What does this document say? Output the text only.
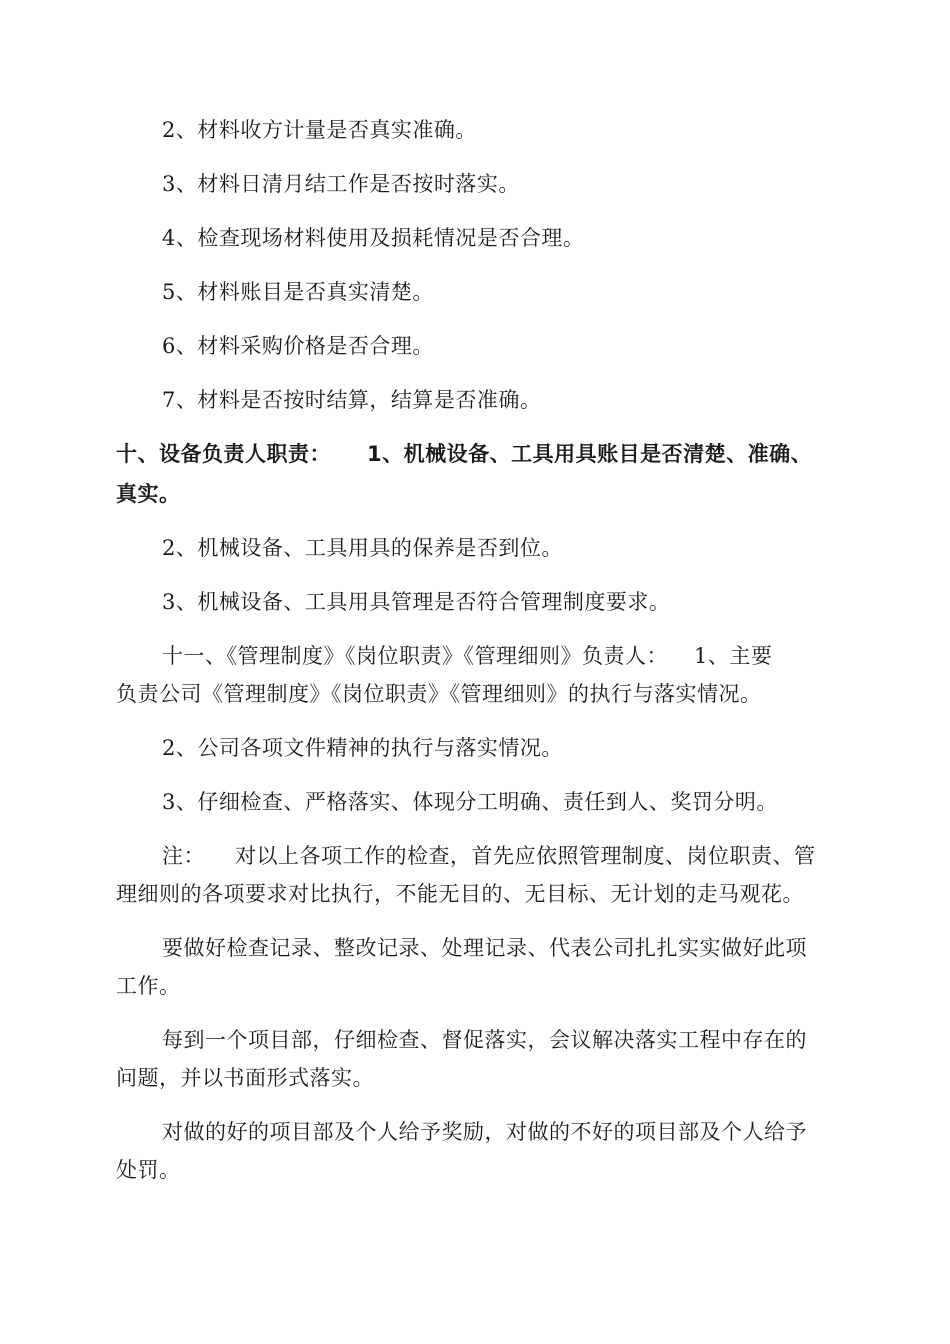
2、材料收方计量是否真实准确。
3、材料日清月结工作是否按时落实。
4、检查现场材料使用及损耗情况是否合理。
5、材料账目是否真实清楚。
6、材料采购价格是否合理。
7、材料是否按时结算，结算是否准确。
十、设备负责人职责： 1、机械设备、工具用具账目是否清楚、准确、
真实。
2、机械设备、工具用具的保养是否到位。
3、机械设备、工具用具管理是否符合管理制度要求。
十一、《管理制度》《岗位职责》《管理细则》负责人： 1、主要
负责公司《管理制度》《岗位职责》《管理细则》的执行与落实情况。
2、公司各项文件精神的执行与落实情况。
3、仔细检查、严格落实、体现分工明确、责任到人、奖罚分明。
注： 对以上各项工作的检查，首先应依照管理制度、岗位职责、管
理细则的各项要求对比执行，不能无目的、无目标、无计划的走马观花。
要做好检查记录、整改记录、处理记录、代表公司扎扎实实做好此项
工作。
每到一个项目部，仔细检查、督促落实，会议解决落实工程中存在的
问题，并以书面形式落实。
对做的好的项目部及个人给予奖励，对做的不好的项目部及个人给予
处罚。
